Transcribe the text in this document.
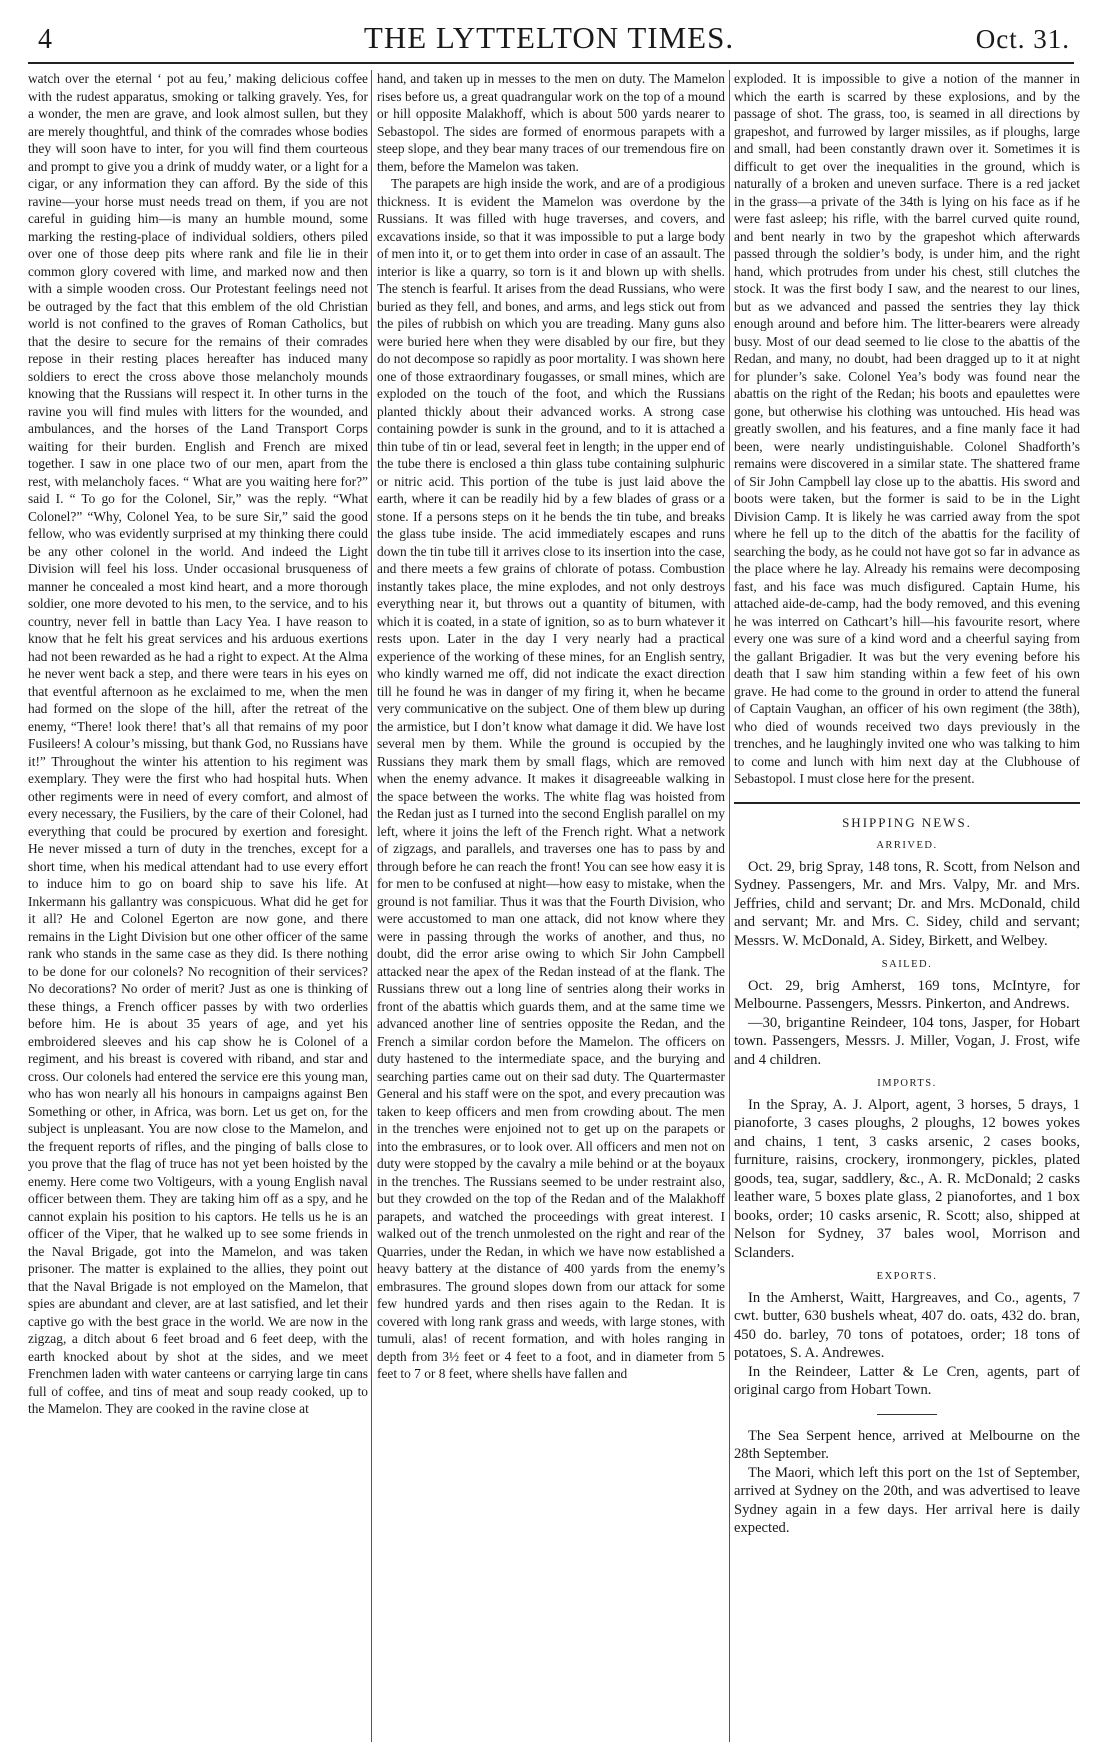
4	THE LYTTELTON TIMES.	Oct. 31.

watch over the eternal ‘ pot au feu,’ making delicious coffee with the rudest apparatus, smoking or talking gravely. Yes, for a wonder, the men are grave, and look almost sullen, but they are merely thoughtful, and think of the comrades whose bodies they will soon have to inter, for you will find them courteous and prompt to give you a drink of muddy water, or a light for a cigar, or any information they can afford. By the side of this ravine—your horse must needs tread on them, if you are not careful in guiding him—is many an humble mound, some marking the resting-place of individual soldiers, others piled over one of those deep pits where rank and file lie in their common glory covered with lime, and marked now and then with a simple wooden cross. Our Protestant feelings need not be outraged by the fact that this emblem of the old Christian world is not confined to the graves of Roman Catholics, but that the desire to secure for the remains of their comrades repose in their resting places hereafter has induced many soldiers to erect the cross above those melancholy mounds knowing that the Russians will respect it. In other turns in the ravine you will find mules with litters for the wounded, and ambulances, and the horses of the Land Transport Corps waiting for their burden. English and French are mixed together. I saw in one place two of our men, apart from the rest, with melancholy faces. “ What are you waiting here for?” said I. “ To go for the Colonel, Sir,” was the reply. “What Colonel?” “Why, Colonel Yea, to be sure Sir,” said the good fellow, who was evidently surprised at my thinking there could be any other colonel in the world. And indeed the Light Division will feel his loss. Under occasional brusqueness of manner he concealed a most kind heart, and a more thorough soldier, one more devoted to his men, to the service, and to his country, never fell in battle than Lacy Yea. I have reason to know that he felt his great services and his arduous exertions had not been rewarded as he had a right to expect. At the Alma he never went back a step, and there were tears in his eyes on that eventful afternoon as he exclaimed to me, when the men had formed on the slope of the hill, after the retreat of the enemy, “There! look there! that’s all that remains of my poor Fusileers! A colour’s missing, but thank God, no Russians have it!” Throughout the winter his attention to his regiment was exemplary. They were the first who had hospital huts. When other regiments were in need of every comfort, and almost of every necessary, the Fusiliers, by the care of their Colonel, had everything that could be procured by exertion and foresight. He never missed a turn of duty in the trenches, except for a short time, when his medical attendant had to use every effort to induce him to go on board ship to save his life. At Inkermann his gallantry was conspicuous. What did he get for it all? He and Colonel Egerton are now gone, and there remains in the Light Division but one other officer of the same rank who stands in the same case as they did. Is there nothing to be done for our colonels? No recognition of their services? No decorations? No order of merit? Just as one is thinking of these things, a French officer passes by with two orderlies before him. He is about 35 years of age, and yet his embroidered sleeves and his cap show he is Colonel of a regiment, and his breast is covered with riband, and star and cross. Our colonels had entered the service ere this young man, who has won nearly all his honours in campaigns against Ben Something or other, in Africa, was born. Let us get on, for the subject is unpleasant. You are now close to the Mamelon, and the frequent reports of rifles, and the pinging of balls close to you prove that the flag of truce has not yet been hoisted by the enemy. Here come two Voltigeurs, with a young English naval officer between them. They are taking him off as a spy, and he cannot explain his position to his captors. He tells us he is an officer of the Viper, that he walked up to see some friends in the Naval Brigade, got into the Mamelon, and was taken prisoner. The matter is explained to the allies, they point out that the Naval Brigade is not employed on the Mamelon, that spies are abundant and clever, are at last satisfied, and let their captive go with the best grace in the world. We are now in the zigzag, a ditch about 6 feet broad and 6 feet deep, with the earth knocked about by shot at the sides, and we meet Frenchmen laden with water canteens or carrying large tin cans full of coffee, and tins of meat and soup ready cooked, up to the Mamelon. They are cooked in the ravine close at

hand, and taken up in messes to the men on duty. The Mamelon rises before us, a great quadrangular work on the top of a mound or hill opposite Malakhoff, which is about 500 yards nearer to Sebastopol. The sides are formed of enormous parapets with a steep slope, and they bear many traces of our tremendous fire on them, before the Mamelon was taken.

The parapets are high inside the work, and are of a prodigious thickness. It is evident the Mamelon was overdone by the Russians. It was filled with huge traverses, and covers, and excavations inside, so that it was impossible to put a large body of men into it, or to get them into order in case of an assault. The interior is like a quarry, so torn is it and blown up with shells. The stench is fearful. It arises from the dead Russians, who were buried as they fell, and bones, and arms, and legs stick out from the piles of rubbish on which you are treading. Many guns also were buried here when they were disabled by our fire, but they do not decompose so rapidly as poor mortality. I was shown here one of those extraordinary fougasses, or small mines, which are exploded on the touch of the foot, and which the Russians planted thickly about their advanced works. A strong case containing powder is sunk in the ground, and to it is attached a thin tube of tin or lead, several feet in length; in the upper end of the tube there is enclosed a thin glass tube containing sulphuric or nitric acid. This portion of the tube is just laid above the earth, where it can be readily hid by a few blades of grass or a stone. If a persons steps on it he bends the tin tube, and breaks the glass tube inside. The acid immediately escapes and runs down the tin tube till it arrives close to its insertion into the case, and there meets a few grains of chlorate of potass. Combustion instantly takes place, the mine explodes, and not only destroys everything near it, but throws out a quantity of bitumen, with which it is coated, in a state of ignition, so as to burn whatever it rests upon. Later in the day I very nearly had a practical experience of the working of these mines, for an English sentry, who kindly warned me off, did not indicate the exact direction till he found he was in danger of my firing it, when he became very communicative on the subject. One of them blew up during the armistice, but I don’t know what damage it did. We have lost several men by them. While the ground is occupied by the Russians they mark them by small flags, which are removed when the enemy advance. It makes it disagreeable walking in the space between the works. The white flag was hoisted from the Redan just as I turned into the second English parallel on my left, where it joins the left of the French right. What a network of zigzags, and parallels, and traverses one has to pass by and through before he can reach the front! You can see how easy it is for men to be confused at night—how easy to mistake, when the ground is not familiar. Thus it was that the Fourth Division, who were accustomed to man one attack, did not know where they were in passing through the works of another, and thus, no doubt, did the error arise owing to which Sir John Campbell attacked near the apex of the Redan instead of at the flank. The Russians threw out a long line of sentries along their works in front of the abattis which guards them, and at the same time we advanced another line of sentries opposite the Redan, and the French a similar cordon before the Mamelon. The officers on duty hastened to the intermediate space, and the burying and searching parties came out on their sad duty. The Quartermaster General and his staff were on the spot, and every precaution was taken to keep officers and men from crowding about. The men in the trenches were enjoined not to get up on the parapets or into the embrasures, or to look over. All officers and men not on duty were stopped by the cavalry a mile behind or at the boyaux in the trenches. The Russians seemed to be under restraint also, but they crowded on the top of the Redan and of the Malakhoff parapets, and watched the proceedings with great interest. I walked out of the trench unmolested on the right and rear of the Quarries, under the Redan, in which we have now established a heavy battery at the distance of 400 yards from the enemy’s embrasures. The ground slopes down from our attack for some few hundred yards and then rises again to the Redan. It is covered with long rank grass and weeds, with large stones, with tumuli, alas! of recent formation, and with holes ranging in depth from 3½ feet or 4 feet to a foot, and in diameter from 5 feet to 7 or 8 feet, where shells have fallen and

exploded. It is impossible to give a notion of the manner in which the earth is scarred by these explosions, and by the passage of shot. The grass, too, is seamed in all directions by grapeshot, and furrowed by larger missiles, as if ploughs, large and small, had been constantly drawn over it. Sometimes it is difficult to get over the inequalities in the ground, which is naturally of a broken and uneven surface. There is a red jacket in the grass—a private of the 34th is lying on his face as if he were fast asleep; his rifle, with the barrel curved quite round, and bent nearly in two by the grapeshot which afterwards passed through the soldier’s body, is under him, and the right hand, which protrudes from under his chest, still clutches the stock. It was the first body I saw, and the nearest to our lines, but as we advanced and passed the sentries they lay thick enough around and before him. The litter-bearers were already busy. Most of our dead seemed to lie close to the abattis of the Redan, and many, no doubt, had been dragged up to it at night for plunder’s sake. Colonel Yea’s body was found near the abattis on the right of the Redan; his boots and epaulettes were gone, but otherwise his clothing was untouched. His head was greatly swollen, and his features, and a fine manly face it had been, were nearly undistinguishable. Colonel Shadforth’s remains were discovered in a similar state. The shattered frame of Sir John Campbell lay close up to the abattis. His sword and boots were taken, but the former is said to be in the Light Division Camp. It is likely he was carried away from the spot where he fell up to the ditch of the abattis for the facility of searching the body, as he could not have got so far in advance as the place where he lay. Already his remains were decomposing fast, and his face was much disfigured. Captain Hume, his attached aide-de-camp, had the body removed, and this evening he was interred on Cathcart’s hill—his favourite resort, where every one was sure of a kind word and a cheerful saying from the gallant Brigadier. It was but the very evening before his death that I saw him standing within a few feet of his own grave. He had come to the ground in order to attend the funeral of Captain Vaughan, an officer of his own regiment (the 38th), who died of wounds received two days previously in the trenches, and he laughingly invited one who was talking to him to come and lunch with him next day at the Clubhouse of Sebastopol. I must close here for the present.

SHIPPING NEWS.
ARRIVED.

Oct. 29, brig Spray, 148 tons, R. Scott, from Nelson and Sydney. Passengers, Mr. and Mrs. Valpy, Mr. and Mrs. Jeffries, child and servant; Dr. and Mrs. McDonald, child and servant; Mr. and Mrs. C. Sidey, child and servant; Messrs. W. McDonald, A. Sidey, Birkett, and Welbey.

SAILED.

Oct. 29, brig Amherst, 169 tons, McIntyre, for Melbourne. Passengers, Messrs. Pinkerton, and Andrews.

—30, brigantine Reindeer, 104 tons, Jasper, for Hobart town. Passengers, Messrs. J. Miller, Vogan, J. Frost, wife and 4 children.

IMPORTS.

In the Spray, A. J. Alport, agent, 3 horses, 5 drays, 1 pianoforte, 3 cases ploughs, 2 ploughs, 12 bowes yokes and chains, 1 tent, 3 casks arsenic, 2 cases books, furniture, raisins, crockery, ironmongery, pickles, plated goods, tea, sugar, saddlery, &c., A. R. McDonald; 2 casks leather ware, 5 boxes plate glass, 2 pianofortes, and 1 box books, order; 10 casks arsenic, R. Scott; also, shipped at Nelson for Sydney, 37 bales wool, Morrison and Sclanders.

EXPORTS.

In the Amherst, Waitt, Hargreaves, and Co., agents, 7 cwt. butter, 630 bushels wheat, 407 do. oats, 432 do. bran, 450 do. barley, 70 tons of potatoes, order; 18 tons of potatoes, S. A. Andrewes.

In the Reindeer, Latter & Le Cren, agents, part of original cargo from Hobart Town.

The Sea Serpent hence, arrived at Melbourne on the 28th September.

The Maori, which left this port on the 1st of September, arrived at Sydney on the 20th, and was advertised to leave Sydney again in a few days. Her arrival here is daily expected.
